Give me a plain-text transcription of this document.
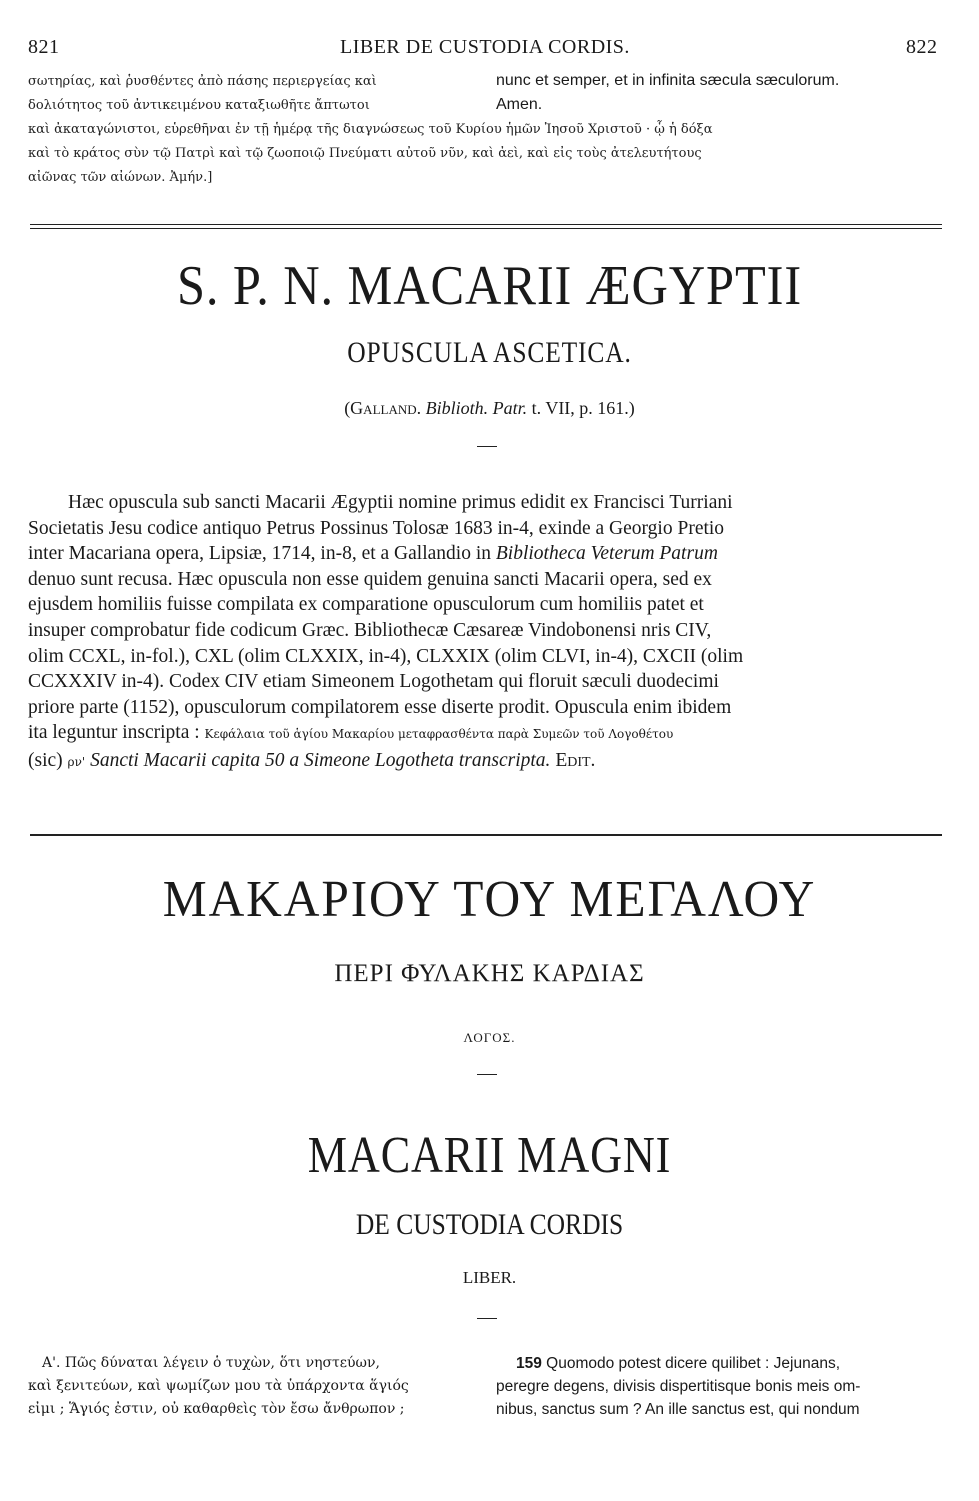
821	LIBER DE CUSTODIA CORDIS.	822
σωτηρίας, καὶ ῥυσθέντες ἀπὸ πάσης περιεργείας καὶ	nunc et semper, et in infinita sæcula sæculorum.
δολιότητος τοῦ ἀντικειμένου καταξιωθῆτε ἄπτωτοι	Amen.
καὶ ἀκαταγώνιστοι, εὑρεθῆναι ἐν τῇ ἡμέρᾳ τῆς διαγνώσεως τοῦ Κυρίου ἡμῶν Ἰησοῦ Χριστοῦ · ᾧ ἡ δόξα
καὶ τὸ κράτος σὺν τῷ Πατρὶ καὶ τῷ ζωοποιῷ Πνεύματι αὐτοῦ νῦν, καὶ ἀεὶ, καὶ εἰς τοὺς ἀτελευτήτους
αἰῶνας τῶν αἰώνων. Ἀμήν.]
S. P. N. MACARII ÆGYPTII
OPUSCULA ASCETICA.
(Galland. Biblioth. Patr. t. VII, p. 161.)
Hæc opuscula sub sancti Macarii Ægyptii nomine primus edidit ex Francisci Turriani
Societatis Jesu codice antiquo Petrus Possinus Tolosæ 1683 in-4, exinde a Georgio Pretio
inter Macariana opera, Lipsiæ, 1714, in-8, et a Gallandio in Bibliotheca Veterum Patrum
denuo sunt recusa. Hæc opuscula non esse quidem genuina sancti Macarii opera, sed ex
ejusdem homiliis fuisse compilata ex comparatione opusculorum cum homiliis patet et
insuper comprobatur fide codicum Græc. Bibliothecæ Cæsareæ Vindobonensi nris CIV,
olim CCXL, in-fol.), CXL (olim CLXXIX, in-4), CLXXIX (olim CLVI, in-4), CXCII (olim
CCXXXIV in-4). Codex CIV etiam Simeonem Logothetam qui floruit sæculi duodecimi
priore parte (1152), opusculorum compilatorem esse diserte prodit. Opuscula enim ibidem
ita leguntur inscripta : Κεφάλαια τοῦ ἁγίου Μακαρίου μεταφρασθέντα παρὰ Συμεῶν τοῦ Λογοθέτου
(sic) ρν' Sancti Macarii capita 50 a Simeone Logotheta transcripta. Edit.
ΜΑΚΑΡΙΟΥ ΤΟΥ ΜΕΓΑΛΟΥ
ΠΕΡΙ ΦΥΛΑΚΗΣ ΚΑΡΔΙΑΣ
ΛΟΓΟΣ.
MACARII MAGNI
DE CUSTODIA CORDIS
LIBER.
Α'. Πῶς δύναται λέγειν ὁ τυχὼν, ὅτι νηστεύων,
καὶ ξενιτεύων, καὶ ψωμίζων μου τὰ ὑπάρχοντα ἅγιός
εἰμι ; Ἅγιός ἐστιν, οὐ καθαρθεὶς τὸν ἔσω ἄνθρωπον ;
159 Quomodo potest dicere quilibet : Jejunans,
peregre degens, divisis dispertitisque bonis meis om-
nibus, sanctus sum ? An ille sanctus est, qui nondum
